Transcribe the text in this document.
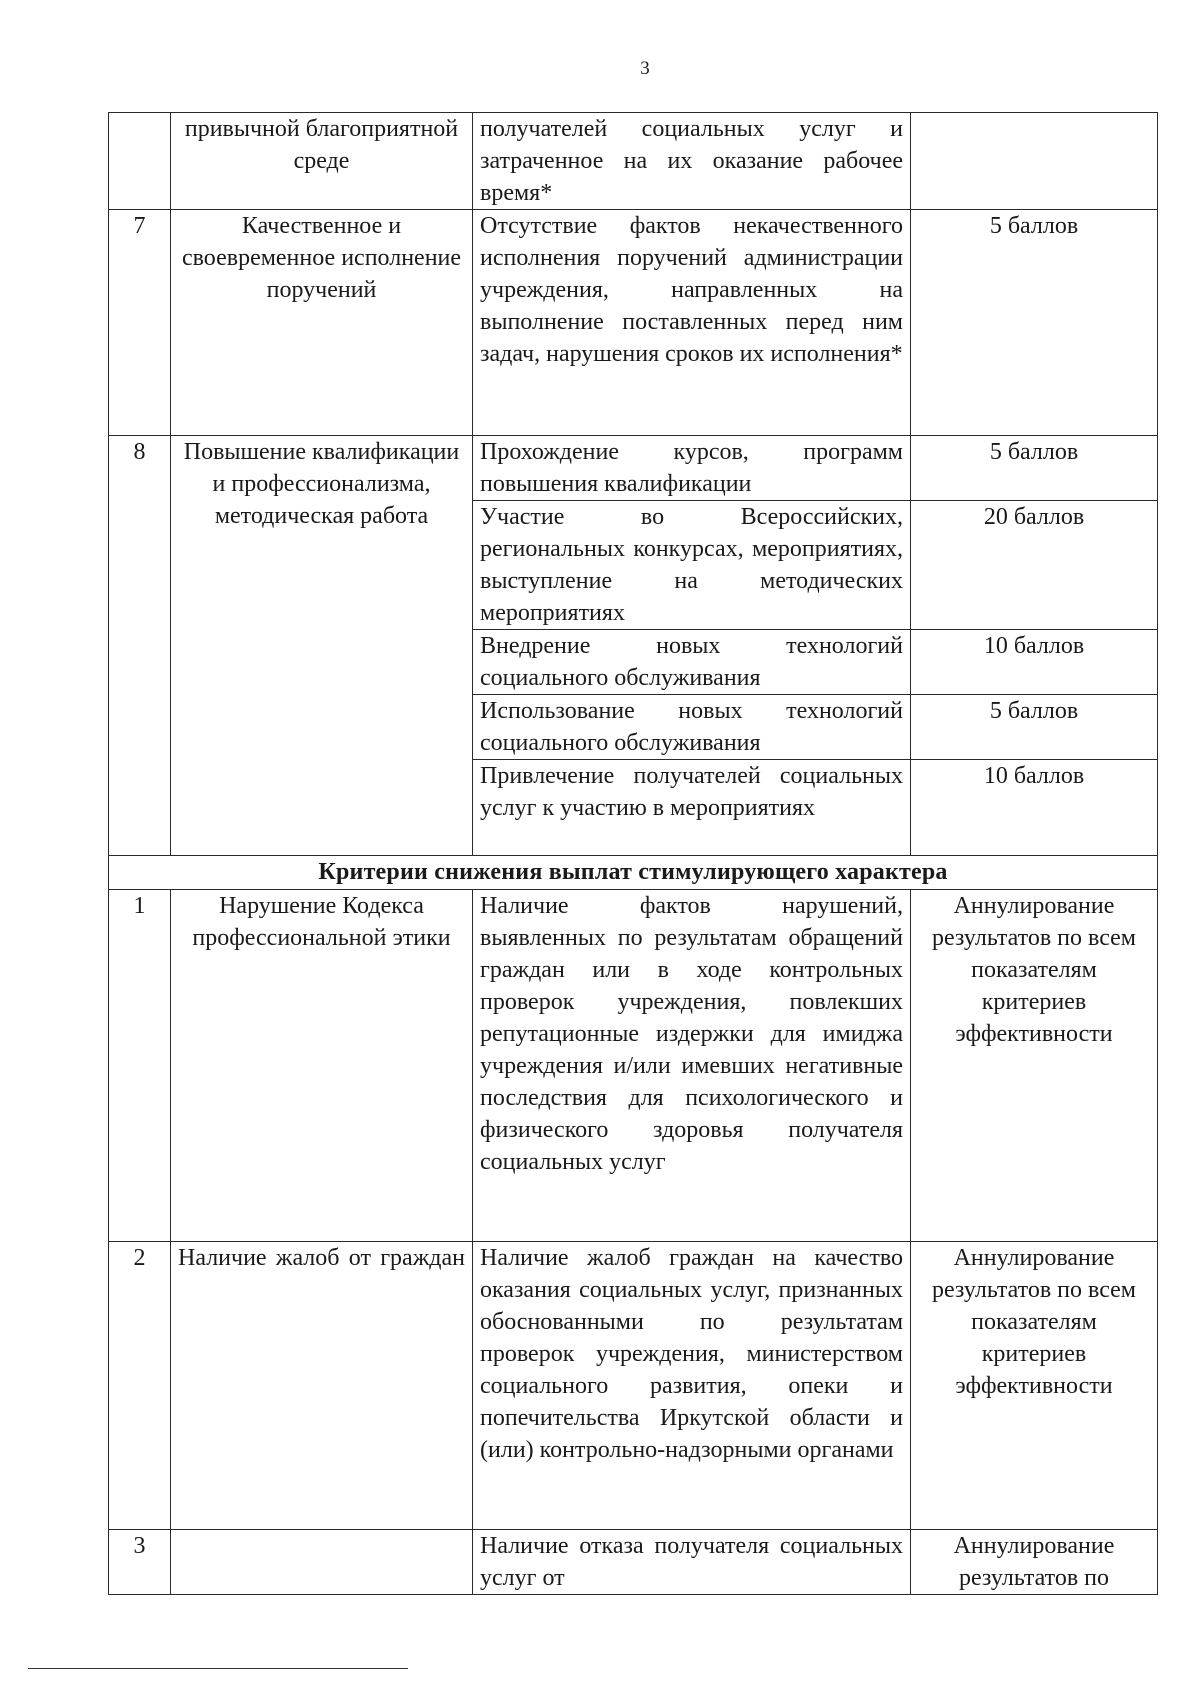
3
	привычной благоприятной среде	получателей социальных услуг и затраченное на их оказание рабочее время*	
7	Качественное и своевременное исполнение поручений	Отсутствие фактов некачественного исполнения поручений администрации учреждения, направленных на выполнение поставленных перед ним задач, нарушения сроков их исполнения*	5 баллов
8	Повышение квалификации и профессионализма, методическая работа	Прохождение курсов, программ повышения квалификации	5 баллов
		Участие во Всероссийских, региональных конкурсах, мероприятиях, выступление на методических мероприятиях	20 баллов
		Внедрение новых технологий социального обслуживания	10 баллов
		Использование новых технологий социального обслуживания	5 баллов
		Привлечение получателей социальных услуг к участию в мероприятиях	10 баллов
Критерии снижения выплат стимулирующего характера			
1	Нарушение Кодекса профессиональной этики	Наличие фактов нарушений, выявленных по результатам обращений граждан или в ходе контрольных проверок учреждения, повлекших репутационные издержки для имиджа учреждения и/или имевших негативные последствия для психологического и физического здоровья получателя социальных услуг	Аннулирование результатов по всем показателям критериев эффективности
2	Наличие жалоб от граждан	Наличие жалоб граждан на качество оказания социальных услуг, признанных обоснованными по результатам проверок учреждения, министерством социального развития, опеки и попечительства Иркутской области и (или) контрольно-надзорными органами	Аннулирование результатов по всем показателям критериев эффективности
3		Наличие отказа получателя социальных услуг от	Аннулирование результатов по
